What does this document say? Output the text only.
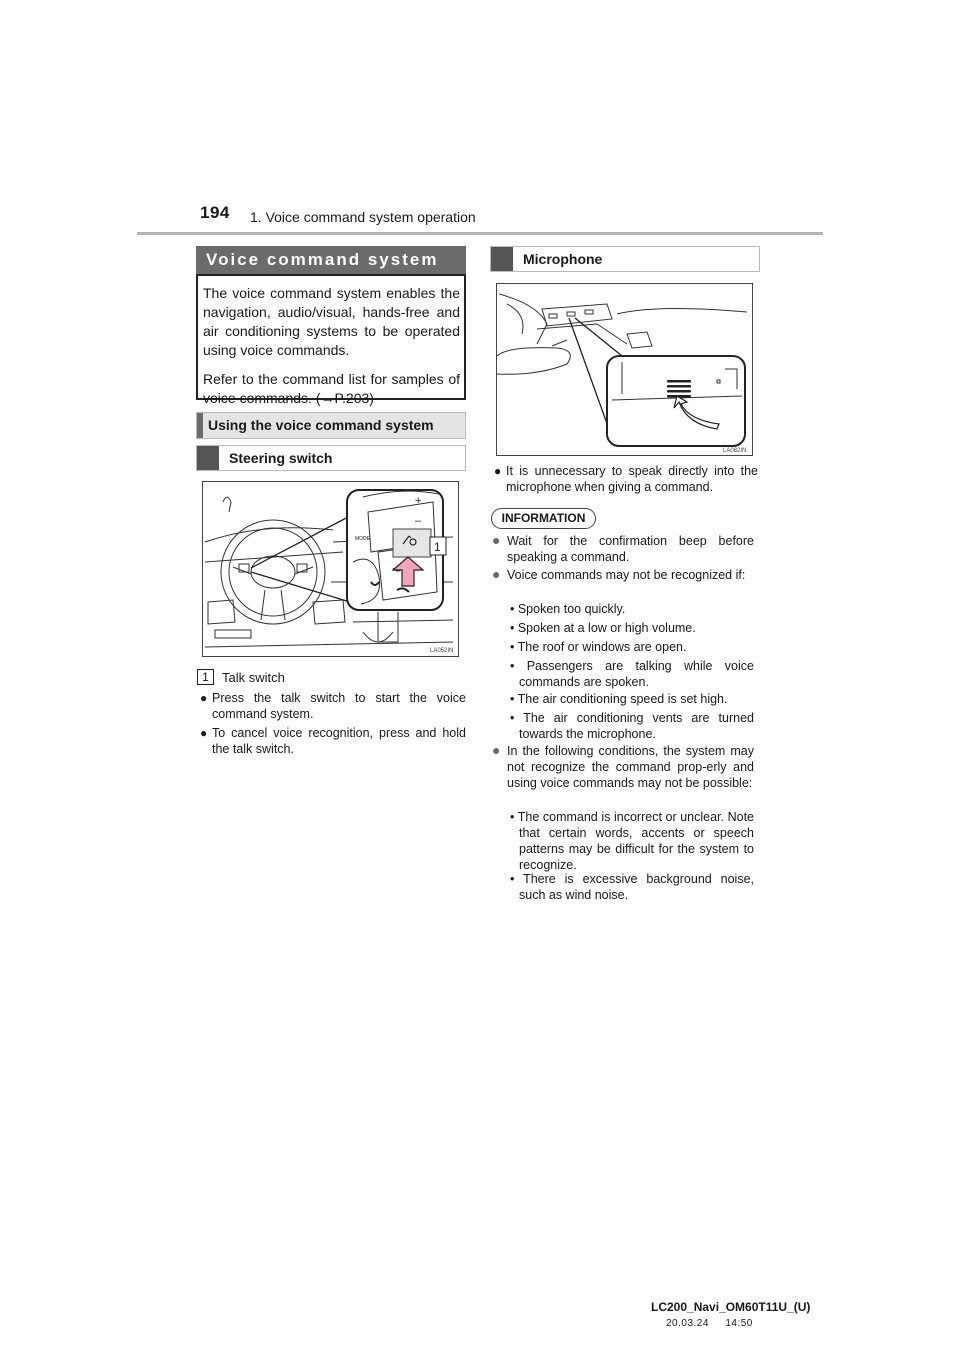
194 1. Voice command system operation
Voice command system

The voice command system enables the navigation, audio/visual, hands-free and air conditioning systems to be operated using voice commands.

Refer to the command list for samples of voice commands. (→P.203)

Using the voice command system
Steering switch
+
–
MODE
1
LA052IN
1	Talk switch
● Press the talk switch to start the voice command system.
● To cancel voice recognition, press and hold the talk switch.
Microphone
LA082IN
● It is unnecessary to speak directly into the microphone when giving a command.
INFORMATION
● Wait for the confirmation beep before speaking a command.
● Voice commands may not be recognized if:
• Spoken too quickly.
• Spoken at a low or high volume.
• The roof or windows are open.
• Passengers are talking while voice commands are spoken.
• The air conditioning speed is set high.
• The air conditioning vents are turned towards the microphone.
● In the following conditions, the system may not recognize the command prop-erly and using voice commands may not be possible:
• The command is incorrect or unclear. Note that certain words, accents or speech patterns may be difficult for the system to recognize.
• There is excessive background noise, such as wind noise.
LC200_Navi_OM60T11U_(U)
20.03.24     14:50
